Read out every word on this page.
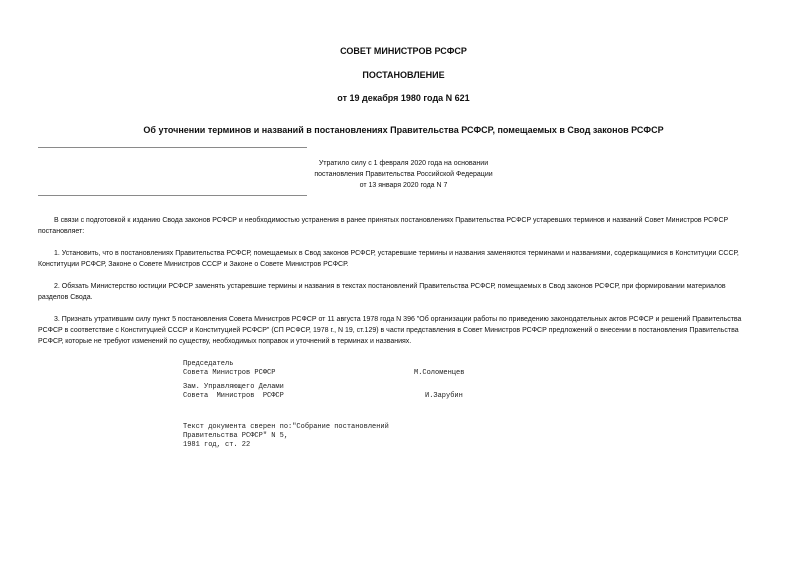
СОВЕТ МИНИСТРОВ РСФСР
ПОСТАНОВЛЕНИЕ
от 19 декабря 1980 года N 621
Об уточнении терминов и названий в постановлениях Правительства РСФСР, помещаемых в Свод законов РСФСР
Утратило силу с 1 февраля 2020 года на основании
постановления Правительства Российской Федерации
от 13 января 2020 года N 7
В связи с подготовкой к изданию Свода законов РСФСР и необходимостью устранения в ранее принятых постановлениях Правительства РСФСР устаревших терминов и названий Совет Министров РСФСР
постановляет:
1. Установить, что в постановлениях Правительства РСФСР, помещаемых в Свод законов РСФСР, устаревшие термины и названия заменяются терминами и названиями, содержащимися в Конституции СССР,
Конституции РСФСР, Законе о Совете Министров СССР и Законе о Совете Министров РСФСР.
2. Обязать Министерство юстиции РСФСР заменять устаревшие термины и названия в текстах постановлений Правительства РСФСР, помещаемых в Свод законов РСФСР, при формировании материалов
разделов Свода.
3. Признать утратившим силу пункт 5 постановления Совета Министров РСФСР от 11 августа 1978 года N 396 "Об организации работы по приведению законодательных актов РСФСР и решений Правительства
РСФСР в соответствие с Конституцией СССР и Конституцией РСФСР" (СП РСФСР, 1978 г., N 19, ст.129) в части представления в Совет Министров РСФСР предложений о внесении в постановления Правительства
РСФСР, которые не требуют изменений по существу, необходимых поправок и уточнений в терминах и названиях.
Председатель
Совета Министров РСФСР	М.Соломенцев
Зам. Управляющего Делами
Совета  Министров  РСФСР	И.Зарубин
Текст документа сверен по:"Собрание постановлений
Правительства РСФСР" N 5,
1981 год, ст. 22
